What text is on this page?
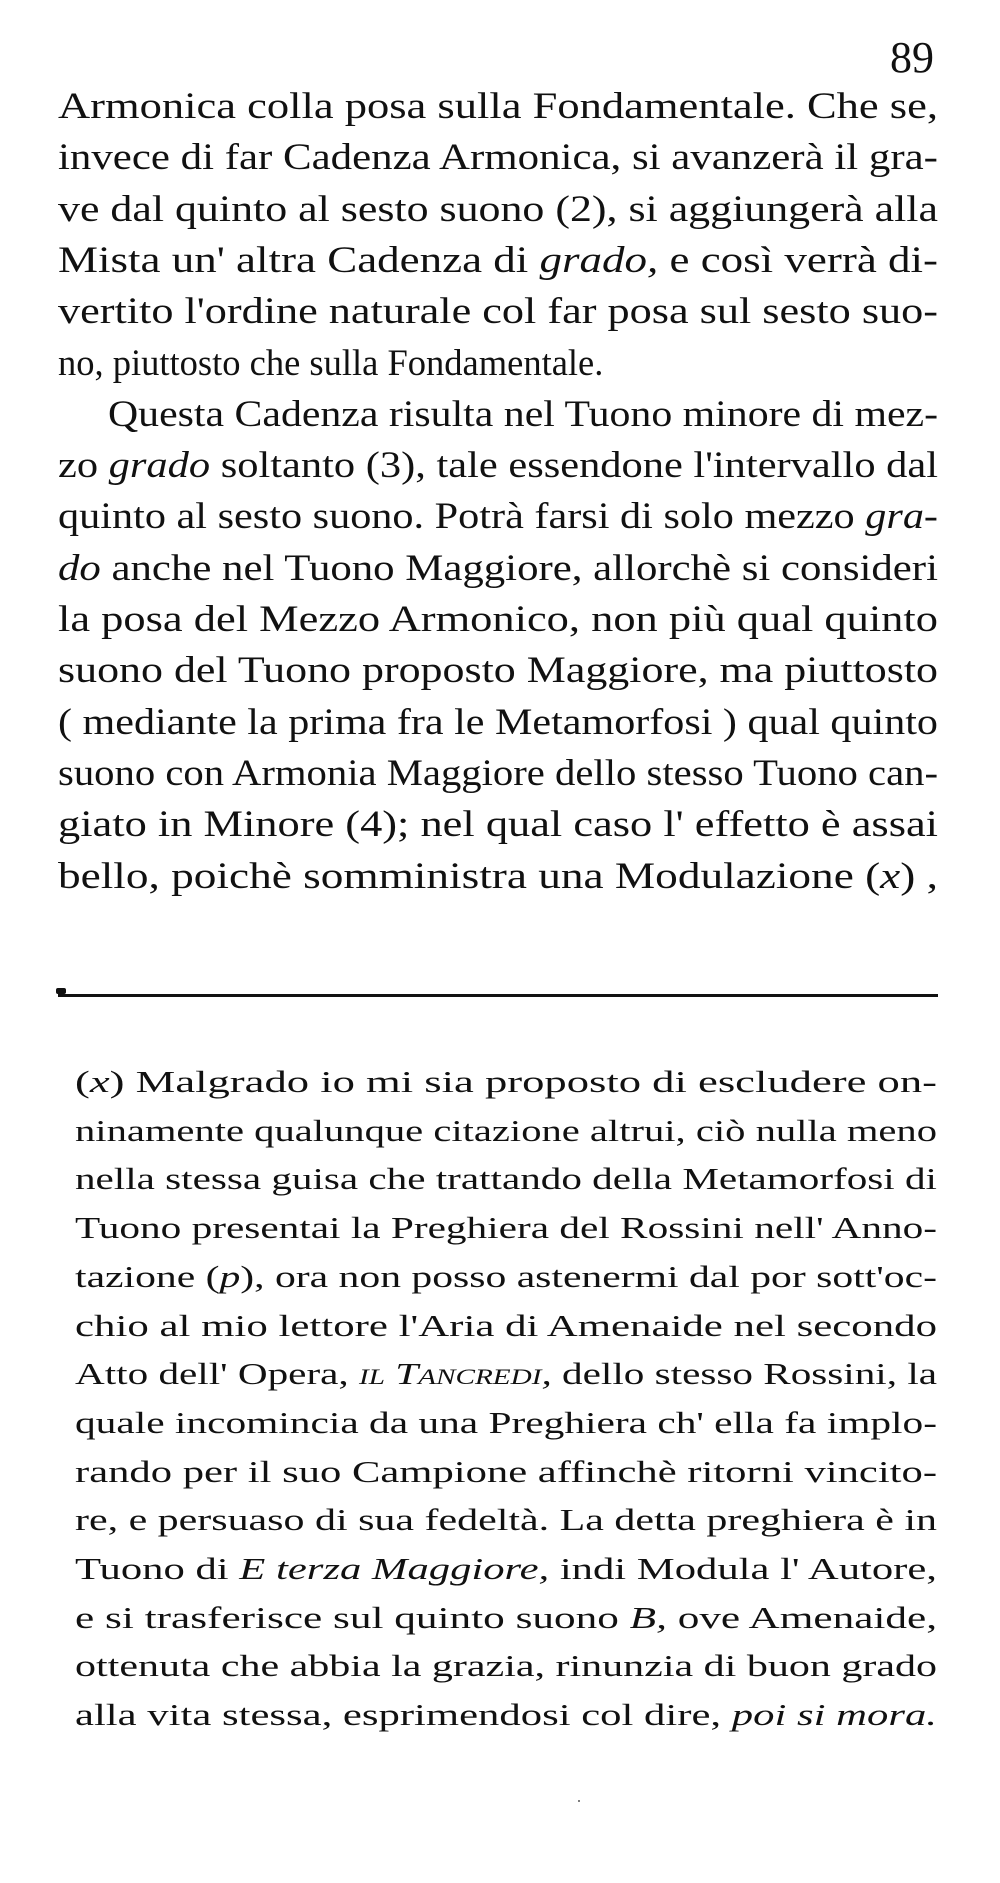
89
Armonica colla posa sulla Fondamentale. Che se,
invece di far Cadenza Armonica, si avanzerà il gra-
ve dal quinto al sesto suono (2), si aggiungerà alla
Mista un' altra Cadenza di grado, e così verrà di-
vertito l'ordine naturale col far posa sul sesto suo-
no, piuttosto che sulla Fondamentale.
Questa Cadenza risulta nel Tuono minore di mez-
zo grado soltanto (3), tale essendone l'intervallo dal
quinto al sesto suono. Potrà farsi di solo mezzo gra-
do anche nel Tuono Maggiore, allorchè si consideri
la posa del Mezzo Armonico, non più qual quinto
suono del Tuono proposto Maggiore, ma piuttosto
( mediante la prima fra le Metamorfosi ) qual quinto
suono con Armonia Maggiore dello stesso Tuono can-
giato in Minore (4); nel qual caso l' effetto è assai
bello, poichè somministra una Modulazione (x) ,
(x) Malgrado io mi sia proposto di escludere on-
ninamente qualunque citazione altrui, ciò nulla meno
nella stessa guisa che trattando della Metamorfosi di
Tuono presentai la Preghiera del Rossini nell' Anno-
tazione (p), ora non posso astenermi dal por sott'oc-
chio al mio lettore l'Aria di Amenaide nel secondo
Atto dell' Opera, il Tancredi, dello stesso Rossini, la
quale incomincia da una Preghiera ch' ella fa implo-
rando per il suo Campione affinchè ritorni vincito-
re, e persuaso di sua fedeltà. La detta preghiera è in
Tuono di E terza Maggiore, indi Modula l' Autore,
e si trasferisce sul quinto suono B, ove Amenaide,
ottenuta che abbia la grazia, rinunzia di buon grado
alla vita stessa, esprimendosi col dire, poi si mora.
